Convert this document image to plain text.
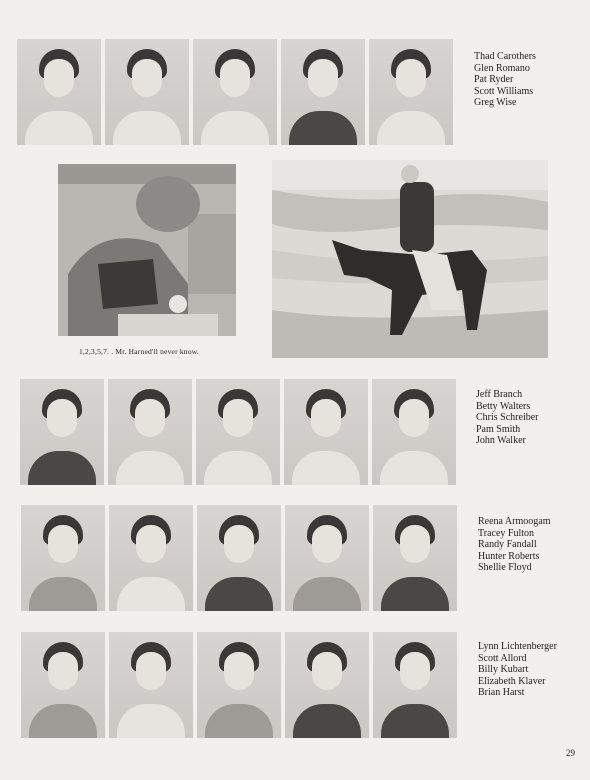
Thad Carothers
Glen Romano
Pat Ryder
Scott Williams
Greg Wise
1,2,3,5,7. . Mr. Harned'll never know.
Jeff Branch
Betty Walters
Chris Schreiber
Pam Smith
John Walker
Reena Armoogam
Tracey Fulton
Randy Fandall
Hunter Roberts
Shellie Floyd
Lynn Lichtenberger
Scott Allord
Billy Kubart
Elizabeth Klaver
Brian Harst
29
